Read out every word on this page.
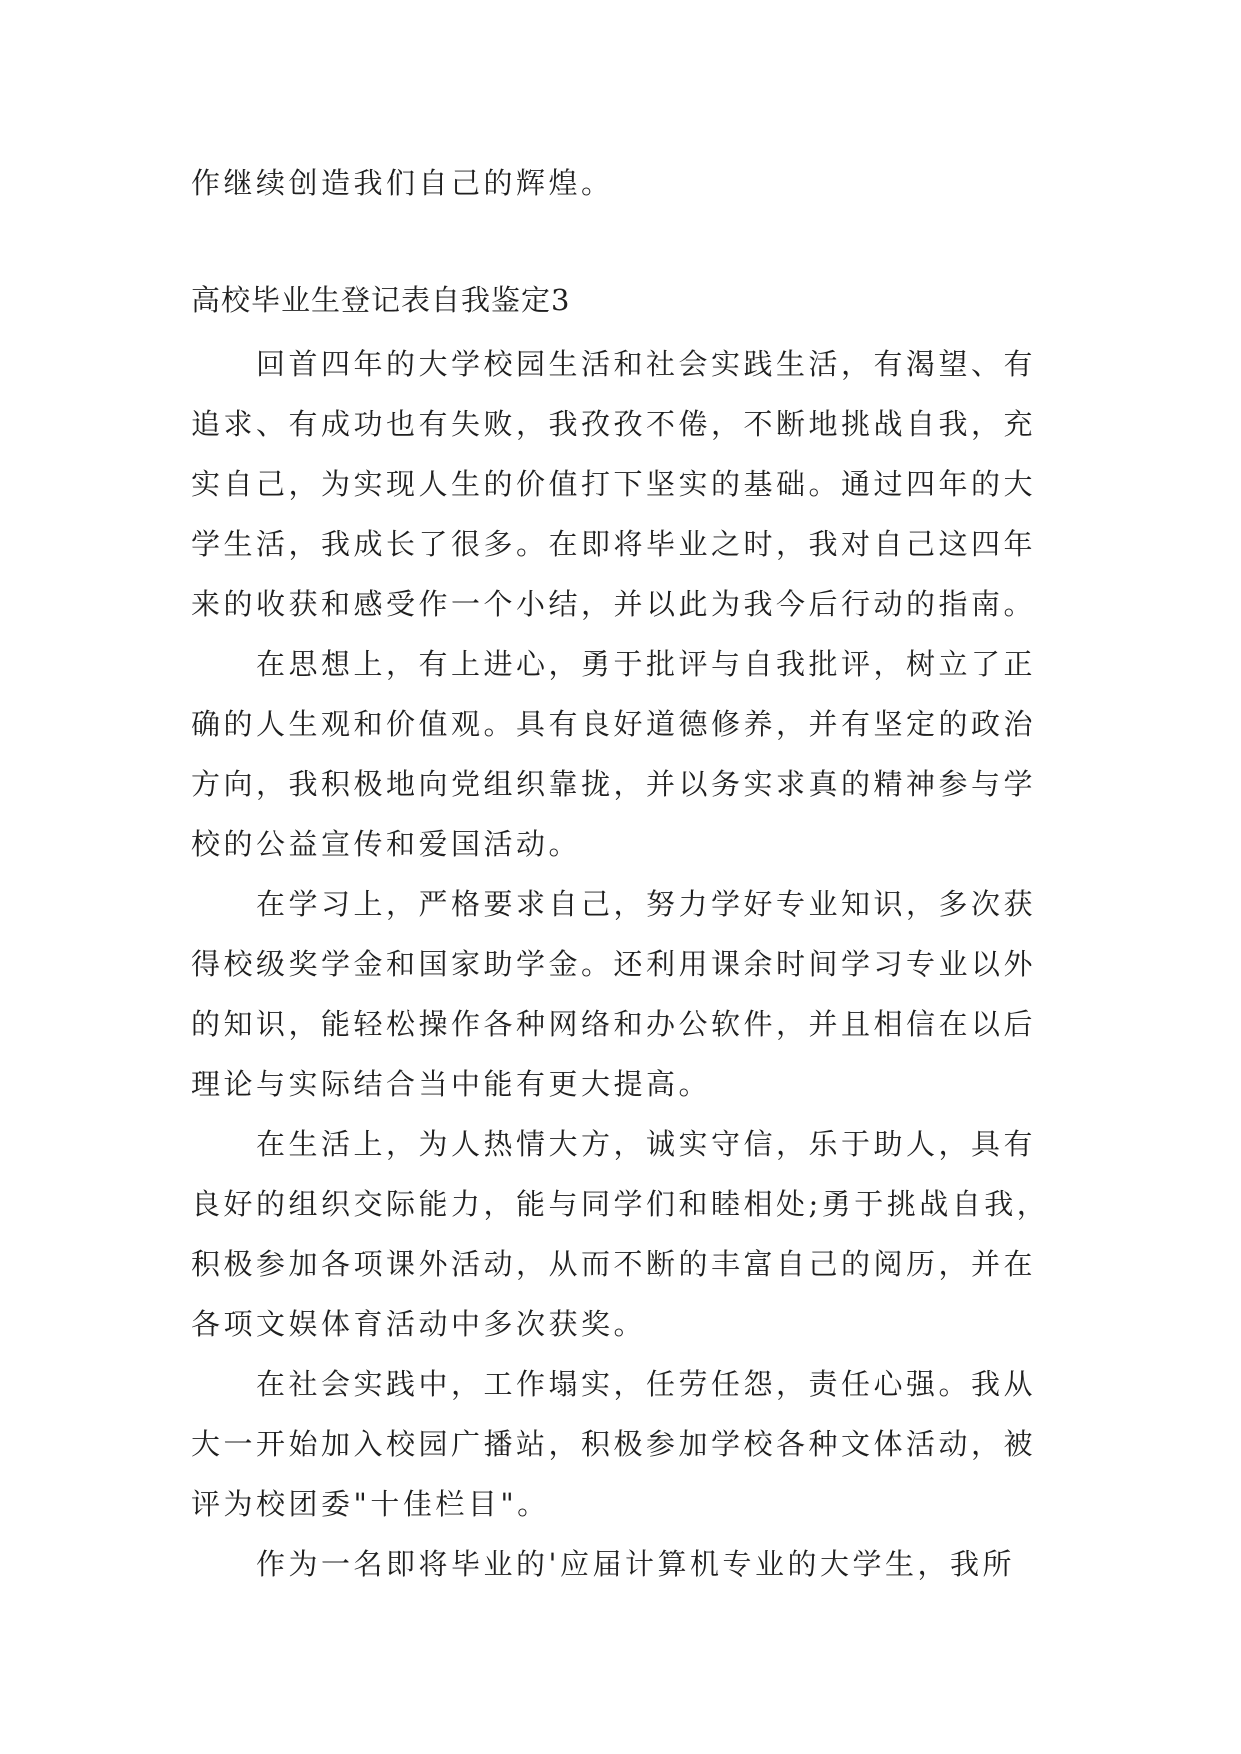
作继续创造我们自己的辉煌。
高校毕业生登记表自我鉴定3
回首四年的大学校园生活和社会实践生活，有渴望、有
追求、有成功也有失败，我孜孜不倦，不断地挑战自我，充
实自己，为实现人生的价值打下坚实的基础。通过四年的大
学生活，我成长了很多。在即将毕业之时，我对自己这四年
来的收获和感受作一个小结，并以此为我今后行动的指南。
在思想上，有上进心，勇于批评与自我批评，树立了正
确的人生观和价值观。具有良好道德修养，并有坚定的政治
方向，我积极地向党组织靠拢，并以务实求真的精神参与学
校的公益宣传和爱国活动。
在学习上，严格要求自己，努力学好专业知识，多次获
得校级奖学金和国家助学金。还利用课余时间学习专业以外
的知识，能轻松操作各种网络和办公软件，并且相信在以后
理论与实际结合当中能有更大提高。
在生活上，为人热情大方，诚实守信，乐于助人，具有
良好的组织交际能力，能与同学们和睦相处;勇于挑战自我，
积极参加各项课外活动，从而不断的丰富自己的阅历，并在
各项文娱体育活动中多次获奖。
在社会实践中，工作塌实，任劳任怨，责任心强。我从
大一开始加入校园广播站，积极参加学校各种文体活动，被
评为校团委"十佳栏目"。
作为一名即将毕业的'应届计算机专业的大学生，我所
